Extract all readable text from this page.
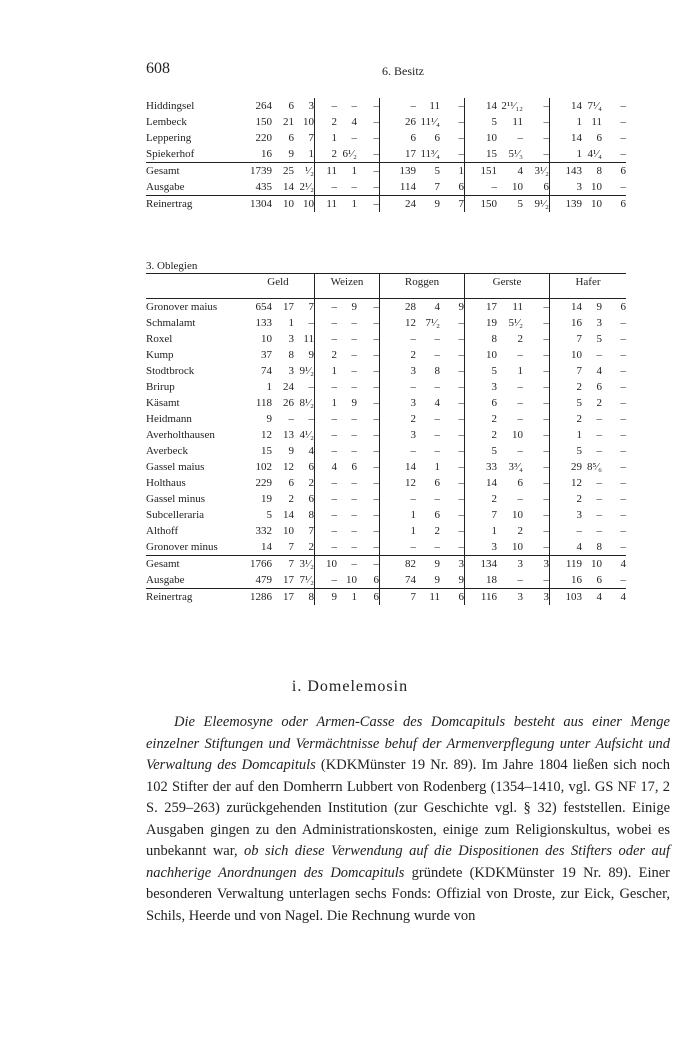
608	6. Besitz
Hiddingsel	264	6	3	–	–	–	–	11	–	14	2¹¹⁄₁₂	–	14	7¹⁄₄	–
Lembeck	150	21	10	2	4	–	26	11¹⁄₄	–	5	11	–	1	11	–
Leppering	220	6	7	1	–	–	6	6	–	10	–	–	14	6	–
Spiekerhof	16	9	1	2	6¹⁄₂	–	17	11³⁄₄	–	15	5¹⁄₃	–	1	4¹⁄₄	–
Gesamt	1739	25	¹⁄₂	11	1	–	139	5	1	151	4	3¹⁄₂	143	8	6
Ausgabe	435	14	2¹⁄₂	–	–	–	114	7	6	–	10	6	3	10	–
Reinertrag	1304	10	10	11	1	–	24	9	7	150	5	9¹⁄₂	139	10	6
3. Oblegien
	Geld			Weizen			Roggen			Gerste			Hafer		
Gronover maius	654	17	7	–	9	–	28	4	9	17	11	–	14	9	6
Schmalamt	133	1	–	–	–	–	12	7¹⁄₂	–	19	5¹⁄₂	–	16	3	–
Roxel	10	3	11	–	–	–	–	–	–	8	2	–	7	5	–
Kump	37	8	9	2	–	–	2	–	–	10	–	–	10	–	–
Stodtbrock	74	3	9¹⁄₂	1	–	–	3	8	–	5	1	–	7	4	–
Brirup	1	24	–	–	–	–	–	–	–	3	–	–	2	6	–
Käsamt	118	26	8¹⁄₂	1	9	–	3	4	–	6	–	–	5	2	–
Heidmann	9	–	–	–	–	–	2	–	–	2	–	–	2	–	–
Averholthausen	12	13	4¹⁄₂	–	–	–	3	–	–	2	10	–	1	–	–
Averbeck	15	9	4	–	–	–	–	–	–	5	–	–	5	–	–
Gassel maius	102	12	6	4	6	–	14	1	–	33	3³⁄₄	–	29	8⁵⁄₆	–
Holthaus	229	6	2	–	–	–	12	6	–	14	6	–	12	–	–
Gassel minus	19	2	6	–	–	–	–	–	–	2	–	–	2	–	–
Subcelleraria	5	14	8	–	–	–	1	6	–	7	10	–	3	–	–
Althoff	332	10	7	–	–	–	1	2	–	1	2	–	–	–	–
Gronover minus	14	7	2	–	–	–	–	–	–	3	10	–	4	8	–
Gesamt	1766	7	3¹⁄₂	10	–	–	82	9	3	134	3	3	119	10	4
Ausgabe	479	17	7¹⁄₂	–	10	6	74	9	9	18	–	–	16	6	–
Reinertrag	1286	17	8	9	1	6	7	11	6	116	3	3	103	4	4
i. Domelemosin
Die Eleemosyne oder Armen-Casse des Domcapituls besteht aus einer Menge einzelner Stiftungen und Vermächtnisse behuf der Armenverpflegung unter Aufsicht und Verwaltung des Domcapituls (KDKMünster 19 Nr. 89). Im Jahre 1804 ließen sich noch 102 Stifter der auf den Domherrn Lubbert von Rodenberg (1354–1410, vgl. GS NF 17, 2 S. 259–263) zurückgehenden Institution (zur Geschichte vgl. § 32) feststellen. Einige Ausgaben gingen zu den Administrationskosten, einige zum Religionskultus, wobei es unbekannt war, ob sich diese Verwendung auf die Dispositionen des Stifters oder auf nachherige Anordnungen des Domcapituls gründete (KDKMünster 19 Nr. 89). Einer besonderen Verwaltung unterlagen sechs Fonds: Offizial von Droste, zur Eick, Gescher, Schils, Heerde und von Nagel. Die Rechnung wurde von
